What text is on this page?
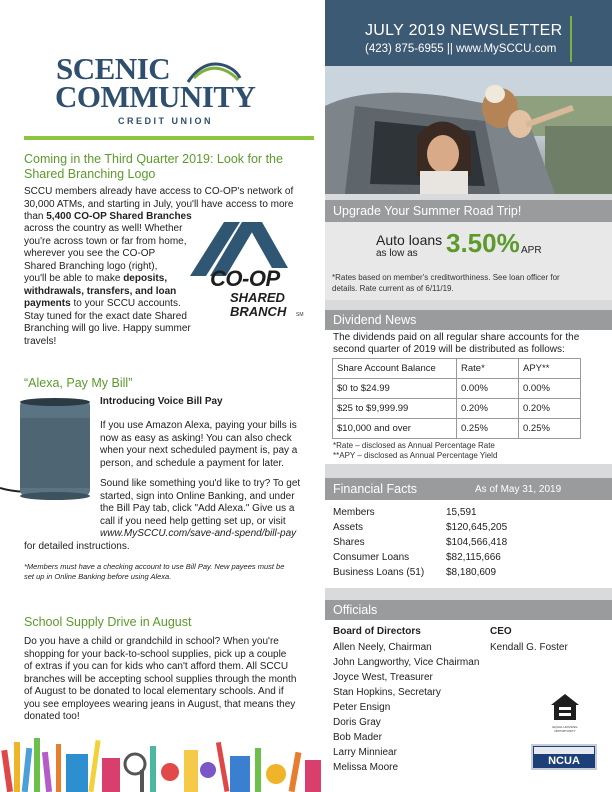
JULY 2019 NEWSLETTER
(423) 875-6955 || www.MySCCU.com
Upgrade Your Summer Road Trip!
Auto loans
as low as 3.50% APR
*Rates based on member's creditworthiness. See loan officer for
details. Rate current as of 6/11/19.
Dividend News
The dividends paid on all regular share accounts for the
second quarter of 2019 will be distributed as follows:
Share Account Balance	Rate*	APY**
$0 to $24.99	0.00%	0.00%
$25 to $9,999.99	0.20%	0.20%
$10,000 and over	0.25%	0.25%
*Rate – disclosed as Annual Percentage Rate
**APY – disclosed as Annual Percentage Yield
Financial Facts	As of May 31, 2019
Members	15,591
Assets	$120,645,205
Shares	$104,566,418
Consumer Loans	$82,115,666
Business Loans (51) $8,180,609
Officials
Board of Directors	CEO
Kendall G. Foster
Allen Neely, Chairman
John Langworthy, Vice Chairman
Joyce West, Treasurer
Stan Hopkins, Secretary
Peter Ensign
Doris Gray
Bob Mader
Larry Minniear
Melissa Moore
EQUAL HOUSING
OPPORTUNITY
NCUA
SCENIC
COMMUNITY
CREDIT UNION
Coming in the Third Quarter 2019: Look for the Shared Branching Logo
SCCU members already have access to CO-OP's network of 30,000 ATMs, and starting in July, you'll have access to more than 5,400 CO-OP Shared Branches
across the country as well! Whether
you're across town or far from home,
wherever you see the CO-OP
Shared Branching logo (right),
you'll be able to make deposits,
withdrawals, transfers, and loan
payments to your SCCU accounts.
Stay tuned for the exact date Shared
Branching will go live. Happy summer
travels!
CO-OP
SHARED
BRANCH SM
“Alexa, Pay My Bill”
Introducing Voice Bill Pay
If you use Amazon Alexa, paying your bills is
now as easy as asking! You can also check
when your next scheduled payment is, pay a
person, and schedule a payment for later.
Sound like something you'd like to try? To get
started, sign into Online Banking, and under
the Bill Pay tab, click "Add Alexa." Give us a
call if you need help getting set up, or visit
www.MySCCU.com/save-and-spend/bill-pay
for detailed instructions.
*Members must have a checking account to use Bill Pay. New payees must be
set up in Online Banking before using Alexa.
School Supply Drive in August
Do you have a child or grandchild in school? When you're
shopping for your back-to-school supplies, pick up a couple
of extras if you can for kids who can't afford them. All SCCU
branches will be accepting school supplies through the month
of August to be donated to local elementary schools. And if
you see employees wearing jeans in August, that means they
donated too!
